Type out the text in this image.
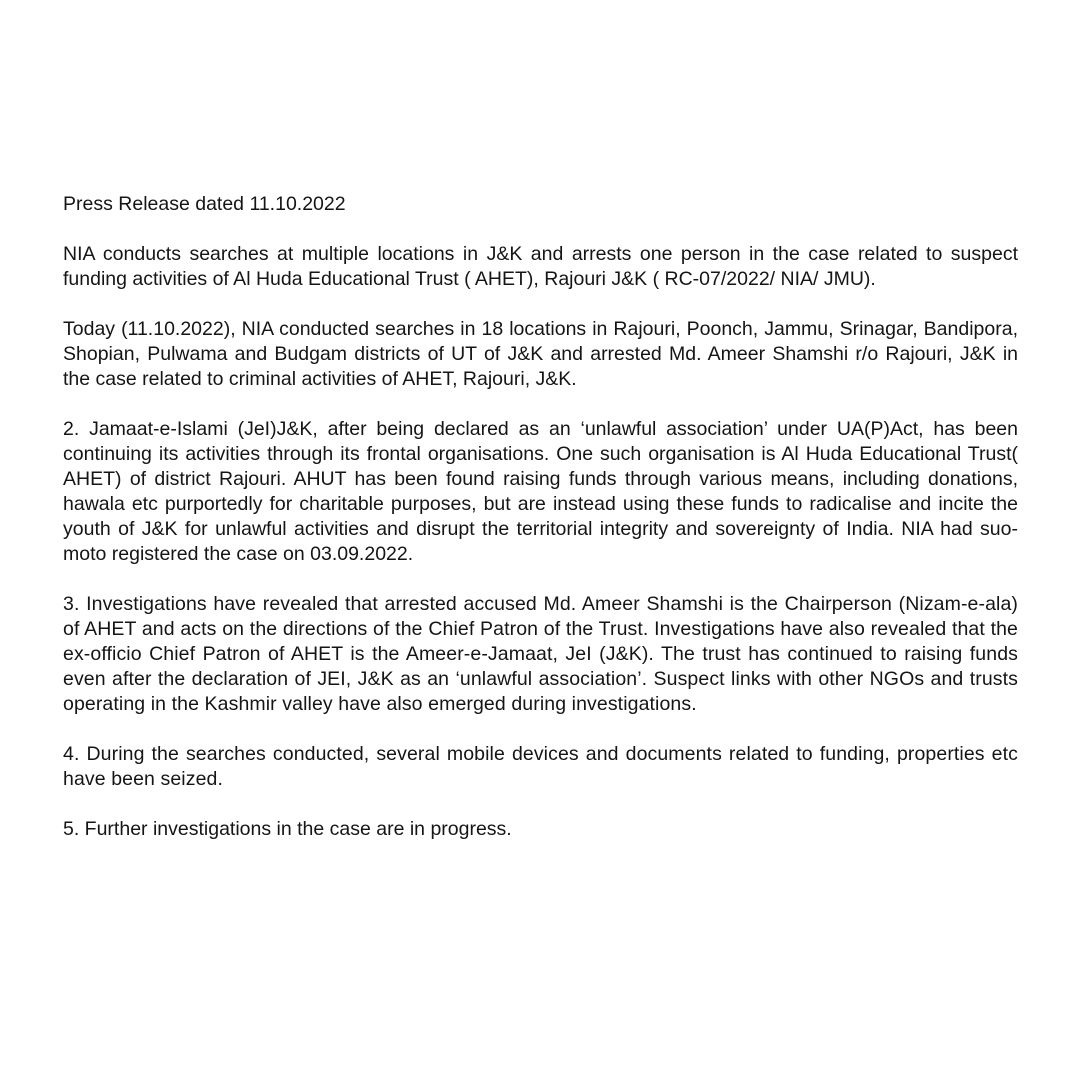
Press Release dated 11.10.2022

NIA conducts searches at multiple locations in J&K and arrests one person in the case related to suspect funding activities of Al Huda Educational Trust ( AHET), Rajouri J&K ( RC-07/2022/ NIA/ JMU).

Today (11.10.2022), NIA conducted searches in 18 locations in Rajouri, Poonch, Jammu, Srinagar, Bandipora, Shopian, Pulwama and Budgam districts of UT of J&K and arrested Md. Ameer Shamshi r/o Rajouri, J&K in the case related to criminal activities of AHET, Rajouri, J&K.

2. Jamaat-e-Islami (JeI)J&K, after being declared as an ‘unlawful association’ under UA(P)Act, has been continuing its activities through its frontal organisations. One such organisation is Al Huda Educational Trust( AHET) of district Rajouri. AHUT has been found raising funds through various means, including donations, hawala etc purportedly for charitable purposes, but are instead using these funds to radicalise and incite the youth of J&K for unlawful activities and disrupt the territorial integrity and sovereignty of India. NIA had suo-moto registered the case on 03.09.2022.

3. Investigations have revealed that arrested accused Md. Ameer Shamshi is the Chairperson (Nizam-e-ala) of AHET and acts on the directions of the Chief Patron of the Trust. Investigations have also revealed that the ex-officio Chief Patron of AHET is the Ameer-e-Jamaat, JeI (J&K). The trust has continued to raising funds even after the declaration of JEI, J&K as an ‘unlawful association’. Suspect links with other NGOs and trusts operating in the Kashmir valley have also emerged during investigations.

4. During the searches conducted, several mobile devices and documents related to funding, properties etc have been seized.

5. Further investigations in the case are in progress.
